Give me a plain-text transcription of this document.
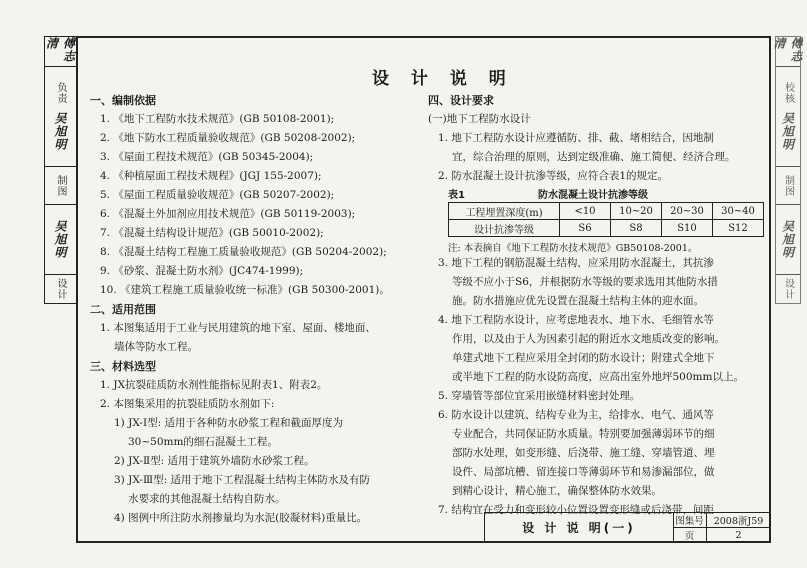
傅志清
负责
吴旭明
制图
吴旭明
设计
傅志清
校核
吴旭明
制图
吴旭明
设计
设 计 说 明
一、编制依据
1. 《地下工程防水技术规范》(GB 50108-2001);
2. 《地下防水工程质量验收规范》(GB 50208-2002);
3. 《屋面工程技术规范》(GB 50345-2004);
4. 《种植屋面工程技术规程》(JGJ 155-2007);
5. 《屋面工程质量验收规范》(GB 50207-2002);
6. 《混凝土外加剂应用技术规范》(GB 50119-2003);
7. 《混凝土结构设计规范》(GB 50010-2002);
8. 《混凝土结构工程施工质量验收规范》(GB 50204-2002);
9. 《砂浆、混凝土防水剂》(JC474-1999);
10. 《建筑工程施工质量验收统一标准》(GB 50300-2001)。
二、适用范围
1. 本图集适用于工业与民用建筑的地下室、屋面、楼地面、
墙体等防水工程。
三、材料选型
1. JX抗裂硅质防水剂性能指标见附表1、附表2。
2. 本图集采用的抗裂硅质防水剂如下:
1) JX-Ⅰ型: 适用于各种防水砂浆工程和截面厚度为
30~50mm的细石混凝土工程。
2) JX-Ⅱ型: 适用于建筑外墙防水砂浆工程。
3) JX-Ⅲ型: 适用于地下工程混凝土结构主体防水及有防
水要求的其他混凝土结构自防水。
4) 图例中所注防水剂掺量均为水泥(胶凝材料)重量比。
四、设计要求
(一)地下工程防水设计
1. 地下工程防水设计应遵循防、排、截、堵相结合，因地制
宜，综合治理的原则，达到定级准确、施工简便、经济合理。
2. 防水混凝土设计抗渗等级，应符合表1的规定。
表1	防水混凝土设计抗渗等级
工程埋置深度(m)	<10	10~20	20~30	30~40
设计抗渗等级	S6	S8	S10	S12
注: 本表摘自《地下工程防水技术规范》GB50108-2001。
3. 地下工程的钢筋混凝土结构，应采用防水混凝土，其抗渗
等级不应小于S6，并根据防水等级的要求选用其他防水措
施。防水措施应优先设置在混凝土结构主体的迎水面。
4. 地下工程防水设计，应考虑地表水、地下水、毛细管水等
作用，以及由于人为因素引起的附近水文地质改变的影响。
单建式地下工程应采用全封闭的防水设计；附建式全地下
或半地下工程的防水设防高度，应高出室外地坪500mm以上。
5. 穿墙管等部位宜采用嵌缝材料密封处理。
6. 防水设计以建筑、结构专业为主，给排水、电气、通风等
专业配合，共同保证防水质量。特别要加强薄弱环节的细
部防水处理，如变形缝、后浇带、施工缝、穿墙管道、埋
设件、局部坑槽、留连接口等薄弱环节和易渗漏部位，做
到精心设计，精心施工，确保整体防水效果。
7. 结构宜在受力和变形较小位置设置变形缝或后浇带，间距
设 计 说 明(一)	图集号	2008浙J59
页	2
